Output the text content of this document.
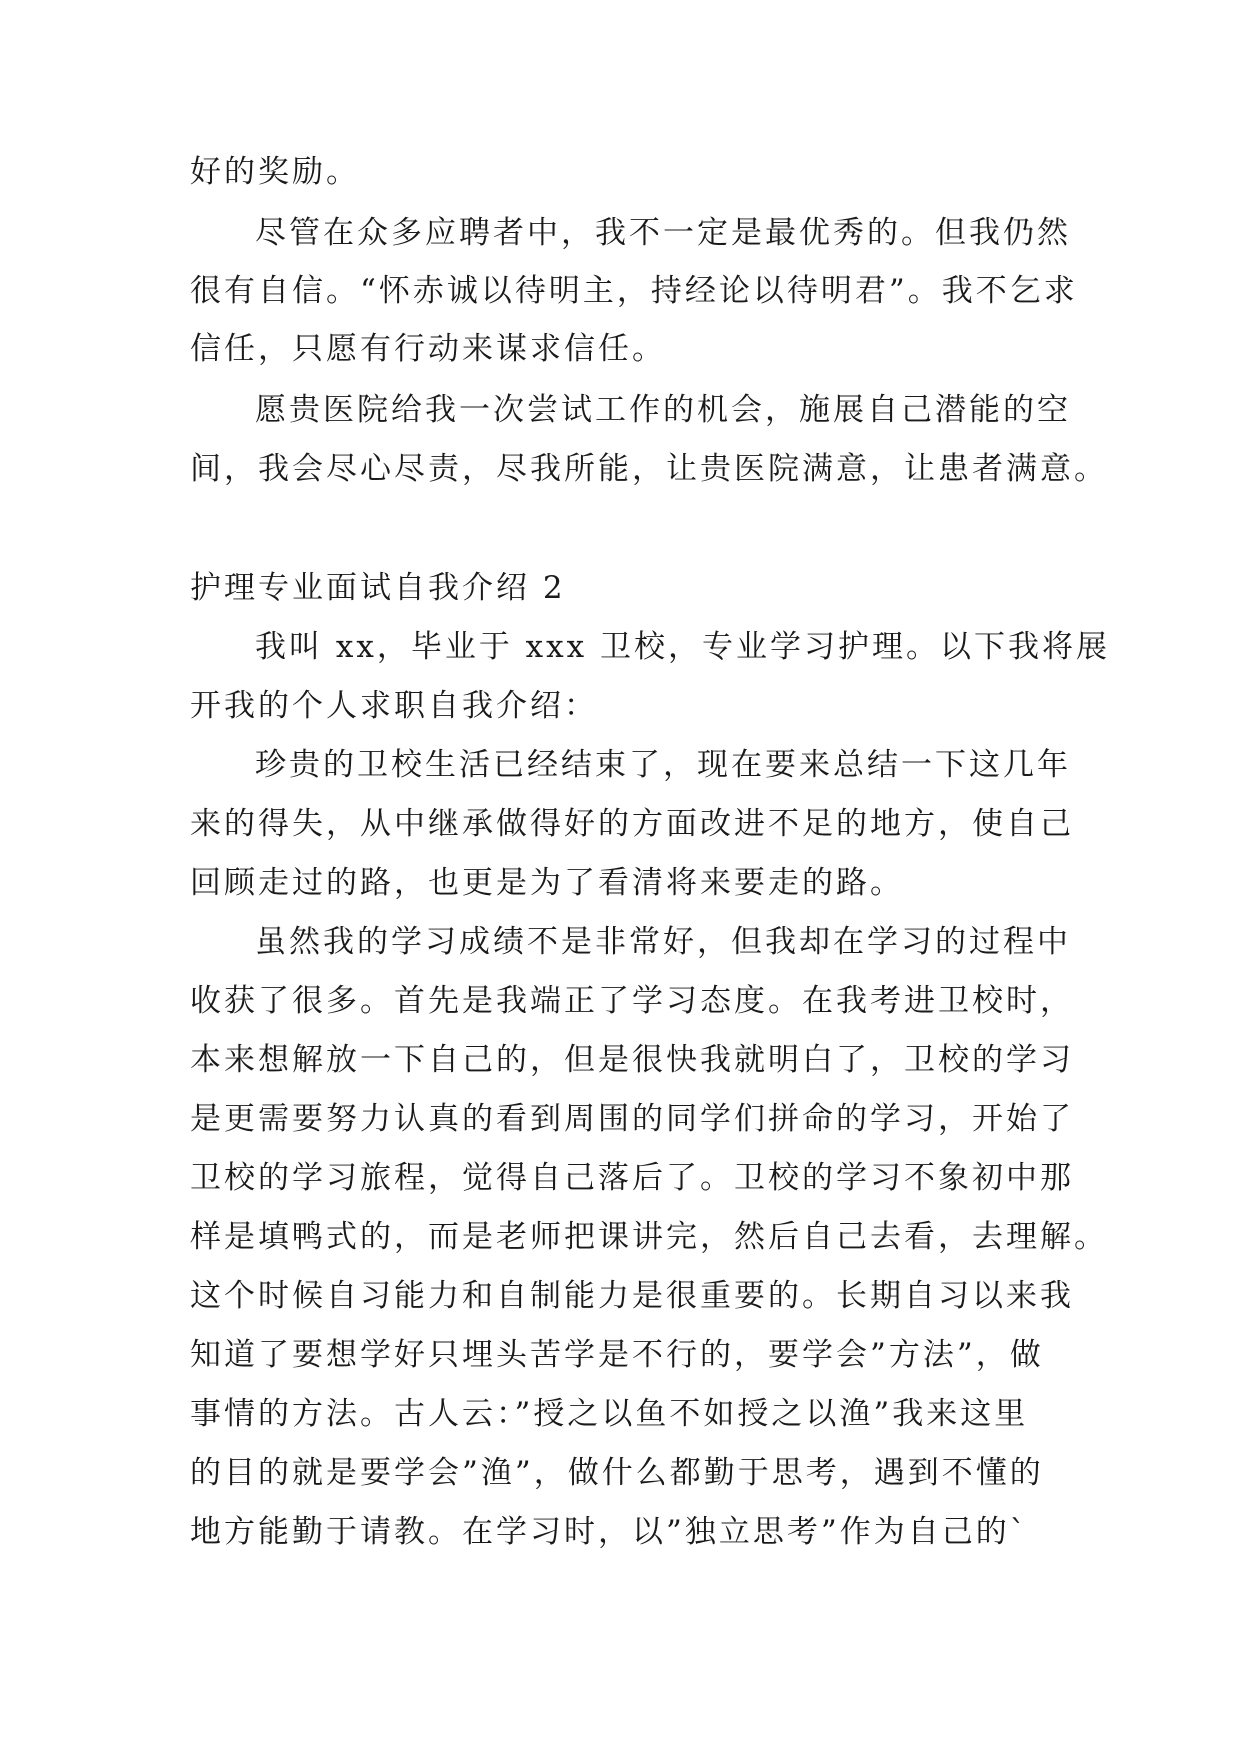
好的奖励。
尽管在众多应聘者中，我不一定是最优秀的。但我仍然
很有自信。“怀赤诚以待明主，持经论以待明君”。我不乞求
信任，只愿有行动来谋求信任。
愿贵医院给我一次尝试工作的机会，施展自己潜能的空
间，我会尽心尽责，尽我所能，让贵医院满意，让患者满意。
护理专业面试自我介绍 2
我叫 xx，毕业于 xxx 卫校，专业学习护理。以下我将展
开我的个人求职自我介绍：
珍贵的卫校生活已经结束了，现在要来总结一下这几年
来的得失，从中继承做得好的方面改进不足的地方，使自己
回顾走过的路，也更是为了看清将来要走的路。
虽然我的学习成绩不是非常好，但我却在学习的过程中
收获了很多。首先是我端正了学习态度。在我考进卫校时，
本来想解放一下自己的，但是很快我就明白了，卫校的学习
是更需要努力认真的看到周围的同学们拼命的学习，开始了
卫校的学习旅程，觉得自己落后了。卫校的学习不象初中那
样是填鸭式的，而是老师把课讲完，然后自己去看，去理解。
这个时候自习能力和自制能力是很重要的。长期自习以来我
知道了要想学好只埋头苦学是不行的，要学会”方法”，做
事情的方法。古人云：”授之以鱼不如授之以渔”我来这里
的目的就是要学会”渔”，做什么都勤于思考，遇到不懂的
地方能勤于请教。在学习时，以”独立思考”作为自己的`
